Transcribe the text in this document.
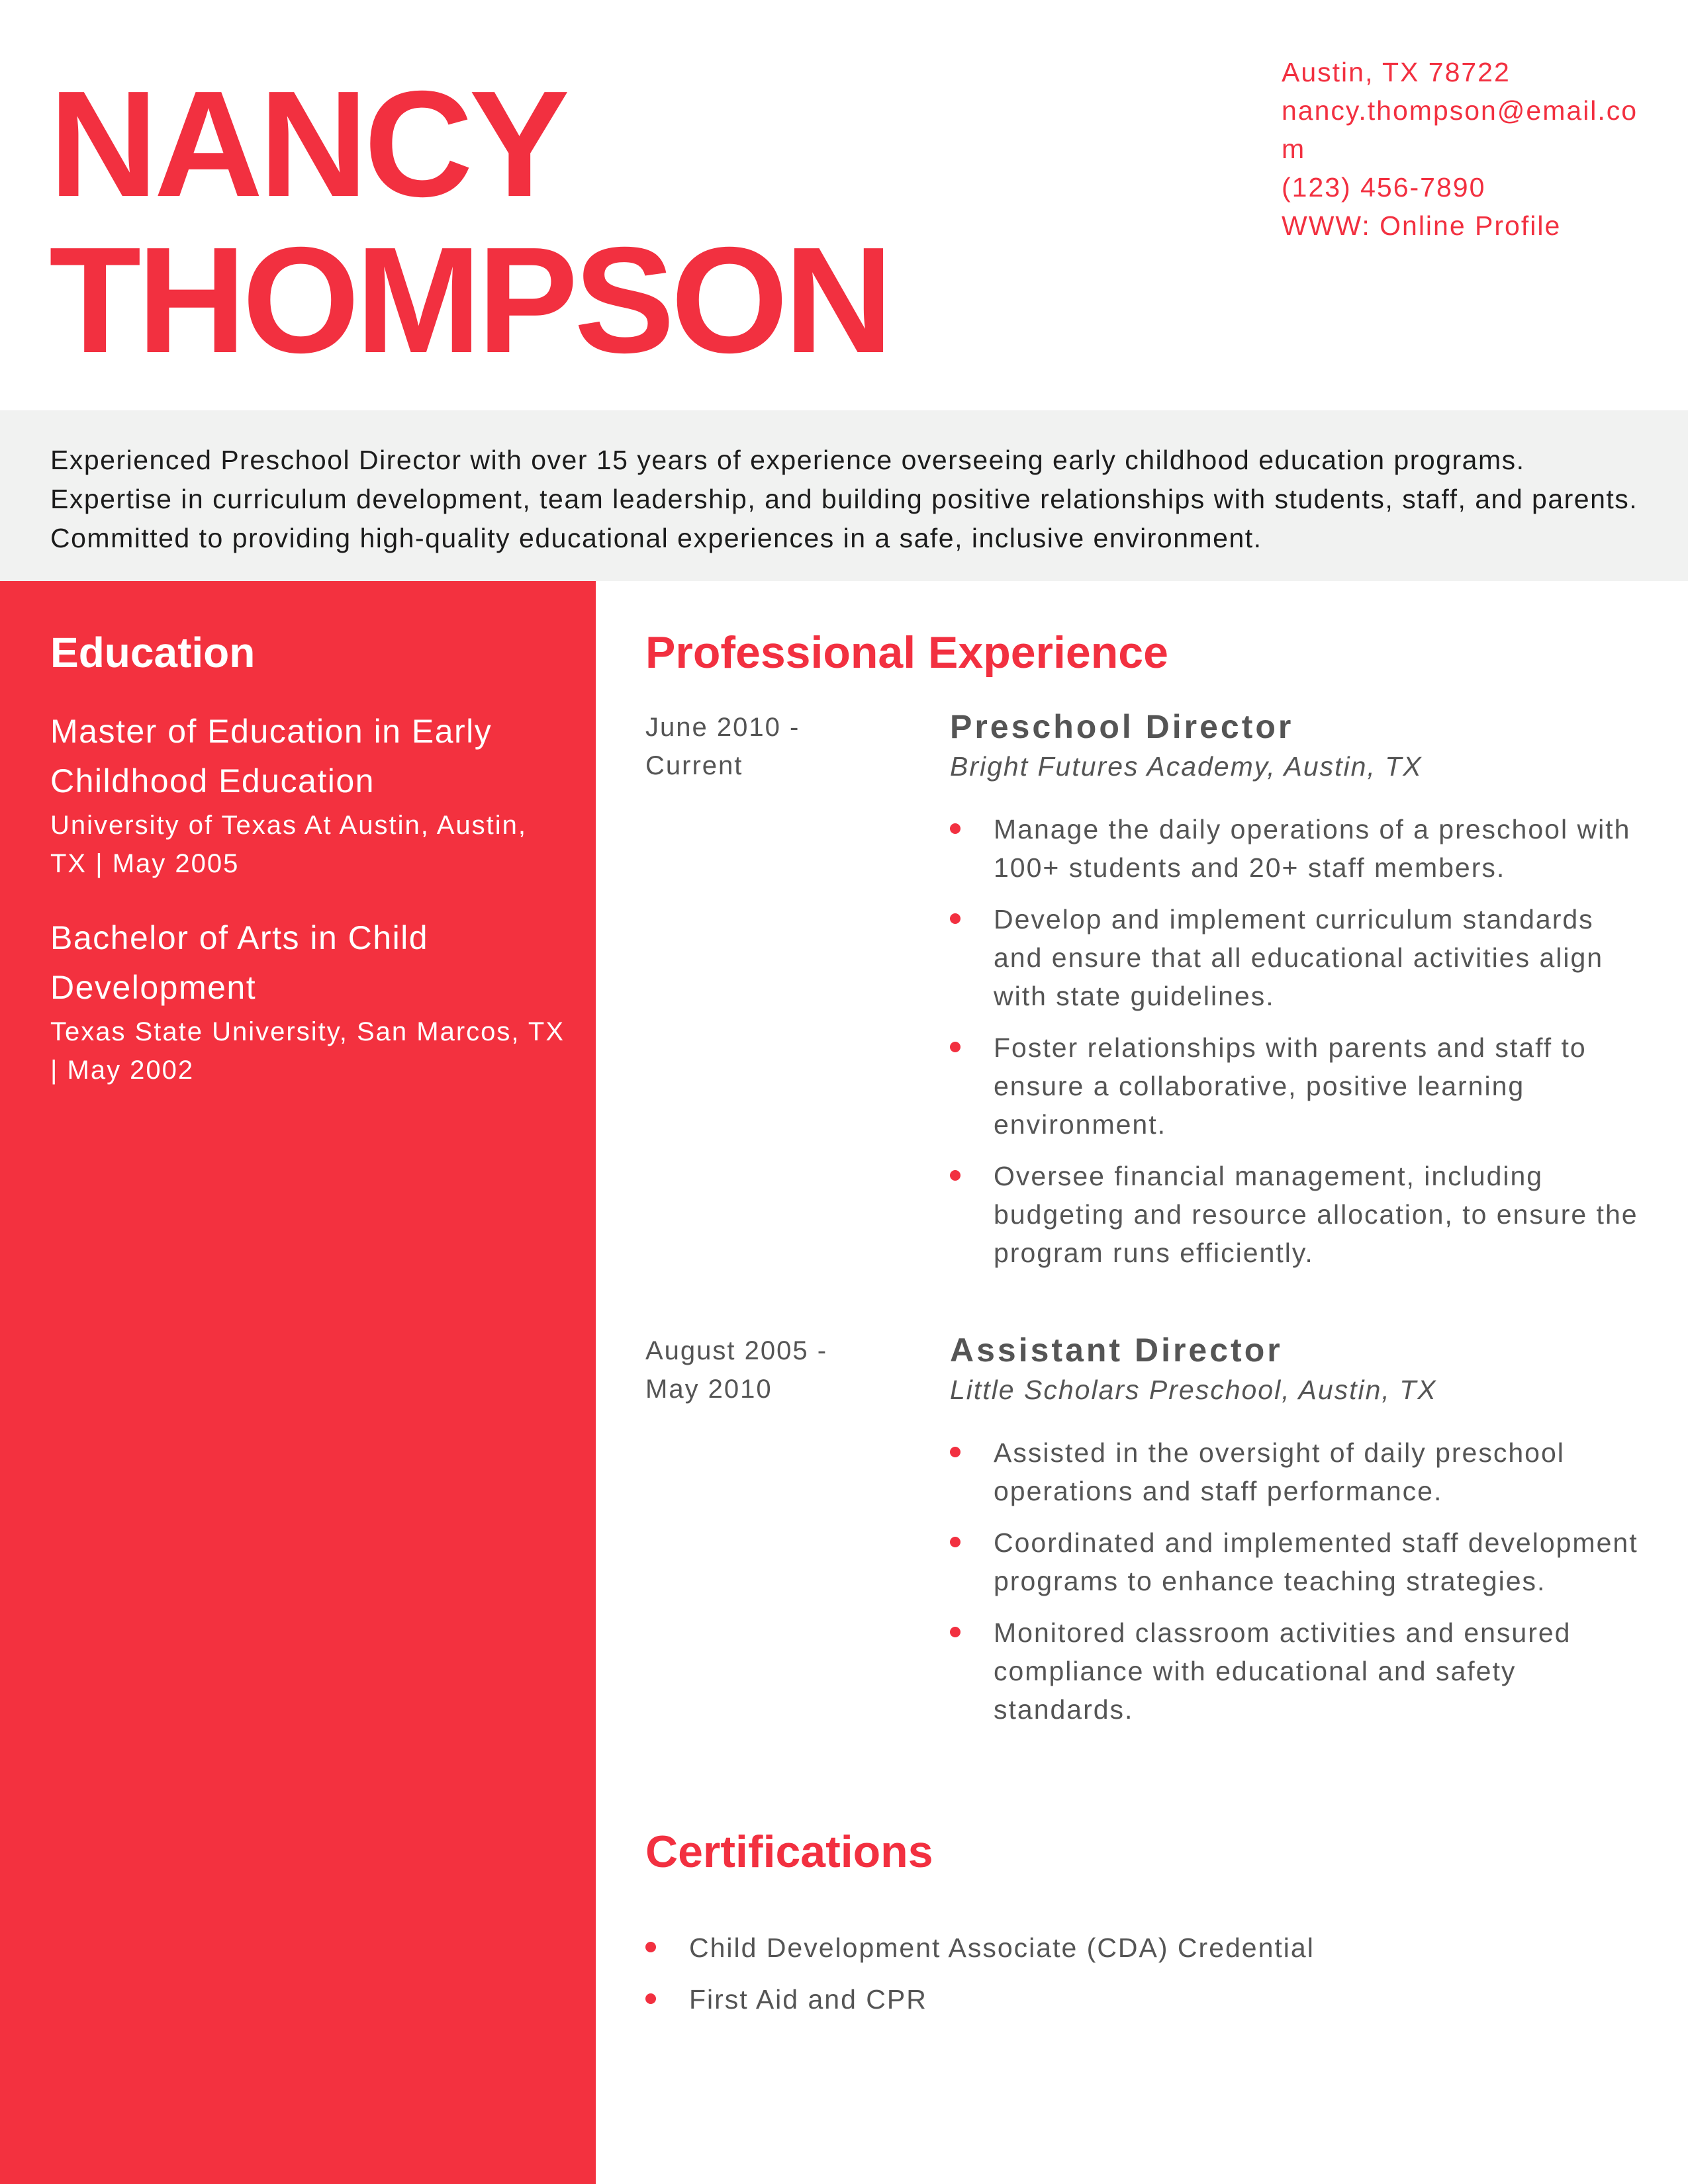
NANCY
THOMPSON
Austin, TX 78722
nancy.thompson@email.com
(123) 456-7890
WWW: Online Profile

Experienced Preschool Director with over 15 years of experience overseeing early childhood education programs. Expertise in curriculum development, team leadership, and building positive relationships with students, staff, and parents. Committed to providing high-quality educational experiences in a safe, inclusive environment.

Education
Master of Education in Early Childhood Education
University of Texas At Austin, Austin, TX | May 2005
Bachelor of Arts in Child Development
Texas State University, San Marcos, TX | May 2002
Professional Experience
June 2010 - Current
Preschool Director
Bright Futures Academy, Austin, TX
Manage the daily operations of a preschool with 100+ students and 20+ staff members.
Develop and implement curriculum standards and ensure that all educational activities align with state guidelines.
Foster relationships with parents and staff to ensure a collaborative, positive learning environment.
Oversee financial management, including budgeting and resource allocation, to ensure the program runs efficiently.
August 2005 - May 2010
Assistant Director
Little Scholars Preschool, Austin, TX
Assisted in the oversight of daily preschool operations and staff performance.
Coordinated and implemented staff development programs to enhance teaching strategies.
Monitored classroom activities and ensured compliance with educational and safety standards.
Certifications
Child Development Associate (CDA) Credential
First Aid and CPR
